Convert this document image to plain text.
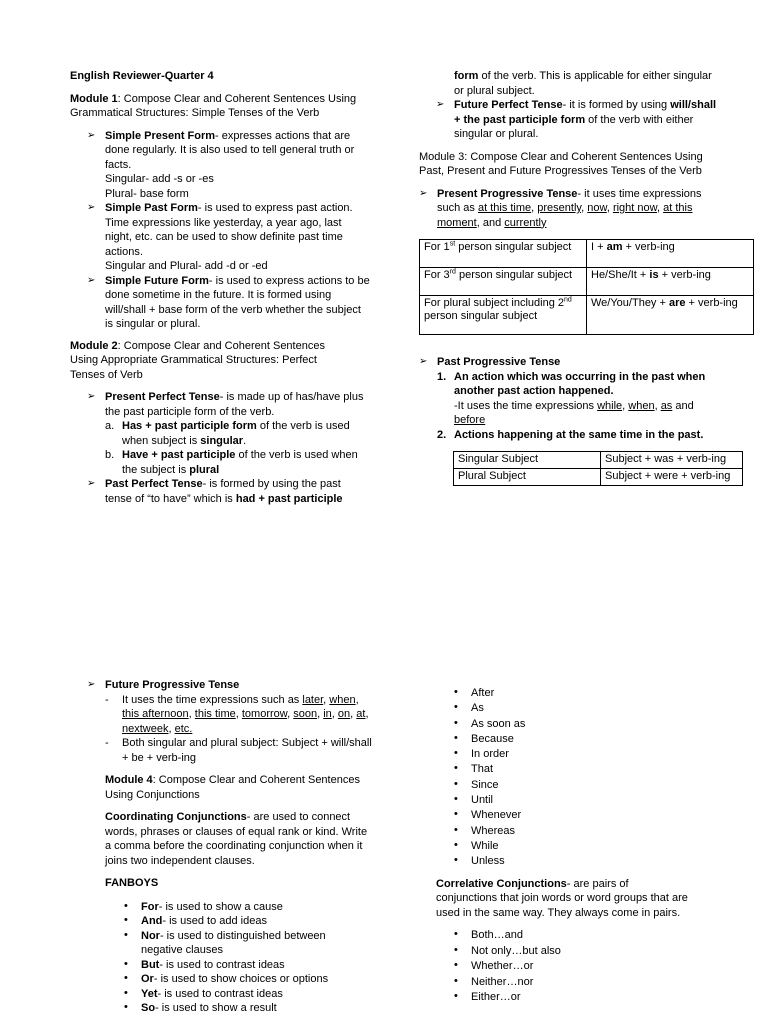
English Reviewer-Quarter 4

Module 1: Compose Clear and Coherent Sentences Using Grammatical Structures: Simple Tenses of the Verb

➢ Simple Present Form- expresses actions that are done regularly. It is also used to tell general truth or facts.

Singular- add -s or -es

Plural- base form

➢ Simple Past Form- is used to express past action. Time expressions like yesterday, a year ago, last night, etc. can be used to show definite past time actions.

Singular and Plural- add -d or -ed

➢ Simple Future Form- is used to express actions to be done sometime in the future. It is formed using will/shall + base form of the verb whether the subject is singular or plural.

Module 2: Compose Clear and Coherent Sentences Using Appropriate Grammatical Structures: Perfect Tenses of Verb

➢ Present Perfect Tense- is made up of has/have plus the past participle form of the verb.

a. Has + past participle form of the verb is used when subject is singular.

b. Have + past participle of the verb is used when the subject is plural

➢ Past Perfect Tense- is formed by using the past tense of “to have” which is had + past participle

form of the verb. This is applicable for either singular or plural subject.

➢ Future Perfect Tense- it is formed by using will/shall + the past participle form of the verb with either singular or plural.

Module 3: Compose Clear and Coherent Sentences Using Past, Present and Future Progressives Tenses of the Verb

➢ Present Progressive Tense- it uses time expressions such as at this time, presently, now, right now, at this moment, and currently

For 1st person singular subject	I + am + verb-ing
For 3rd person singular subject	He/She/It + is + verb-ing
For plural subject including 2nd person singular subject	We/You/They + are + verb-ing
➢ Past Progressive Tense

1. An action which was occurring in the past when another past action happened.

-It uses the time expressions while, when, as and before

2. Actions happening at the same time in the past.

Singular Subject	Subject + was + verb-ing
Plural Subject	Subject + were + verb-ing
➢ Future Progressive Tense

- It uses the time expressions such as later, when, this afternoon, this time, tomorrow, soon, in, on, at, nextweek, etc.

- Both singular and plural subject: Subject + will/shall + be + verb-ing

Module 4: Compose Clear and Coherent Sentences Using Conjunctions

Coordinating Conjunctions- are used to connect words, phrases or clauses of equal rank or kind. Write a comma before the coordinating conjunction when it joins two independent clauses.

FANBOYS

• For- is used to show a cause
• And- is used to add ideas
• Nor- is used to distinguished between negative clauses
• But- is used to contrast ideas
• Or- is used to show choices or options
• Yet- is used to contrast ideas
• So- is used to show a result
• After
• As
• As soon as
• Because
• In order
• That
• Since
• Until
• Whenever
• Whereas
• While
• Unless

Correlative Conjunctions- are pairs of conjunctions that join words or word groups that are used in the same way. They always come in pairs.

• Both…and
• Not only…but also
• Whether…or
• Neither…nor
• Either…or
